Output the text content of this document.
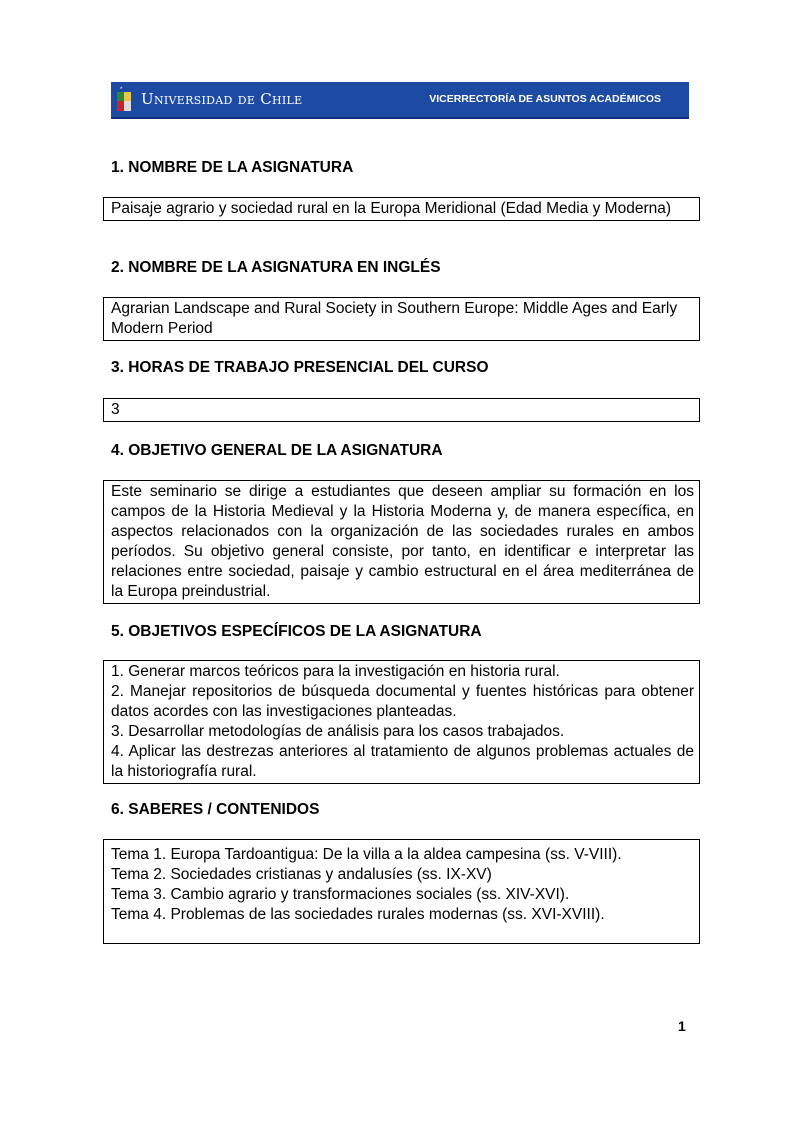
* Universidad de Chile	VICERRECTORÍA DE ASUNTOS ACADÉMICOS
1. NOMBRE DE LA ASIGNATURA

Paisaje agrario y sociedad rural en la Europa Meridional (Edad Media y Moderna)

2. NOMBRE DE LA ASIGNATURA EN INGLÉS

Agrarian Landscape and Rural Society in Southern Europe: Middle Ages and Early Modern Period

3. HORAS DE TRABAJO PRESENCIAL DEL CURSO

3

4. OBJETIVO GENERAL DE LA ASIGNATURA

Este seminario se dirige a estudiantes que deseen ampliar su formación en los campos de la Historia Medieval y la Historia Moderna y, de manera específica, en aspectos relacionados con la organización de las sociedades rurales en ambos períodos. Su objetivo general consiste, por tanto, en identificar e interpretar las relaciones entre sociedad, paisaje y cambio estructural en el área mediterránea de la Europa preindustrial.

5. OBJETIVOS ESPECÍFICOS DE LA ASIGNATURA

1. Generar marcos teóricos para la investigación en historia rural.

2. Manejar repositorios de búsqueda documental y fuentes históricas para obtener datos acordes con las investigaciones planteadas.

3. Desarrollar metodologías de análisis para los casos trabajados.

4. Aplicar las destrezas anteriores al tratamiento de algunos problemas actuales de la historiografía rural.

6. SABERES / CONTENIDOS

Tema 1. Europa Tardoantigua: De la villa a la aldea campesina (ss. V-VIII).

Tema 2. Sociedades cristianas y andalusíes (ss. IX-XV)

Tema 3. Cambio agrario y transformaciones sociales (ss. XIV-XVI).

Tema 4. Problemas de las sociedades rurales modernas (ss. XVI-XVIII).

1
